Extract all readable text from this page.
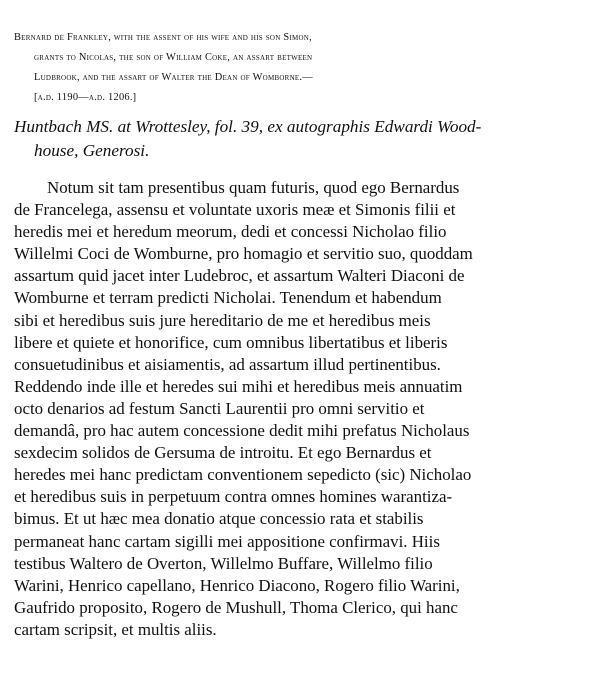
Bernard de Frankley, with the assent of his wife and his son Simon,
grants to Nicolas, the son of William Coke, an assart between
Ludbrook, and the assart of Walter the Dean of Womborne.—
[a.d. 1190—a.d. 1206.]
Huntbach MS. at Wrottesley, fol. 39, ex autographis Edwardi Wood-
house, Generosi.
Notum sit tam presentibus quam futuris, quod ego Bernardus
de Francelega, assensu et voluntate uxoris meæ et Simonis filii et
heredis mei et heredum meorum, dedi et concessi Nicholao filio
Willelmi Coci de Womburne, pro homagio et servitio suo, quoddam
assartum quid jacet inter Ludebroc, et assartum Walteri Diaconi de
Womburne et terram predicti Nicholai. Tenendum et habendum
sibi et heredibus suis jure hereditario de me et heredibus meis
libere et quiete et honorifice, cum omnibus libertatibus et liberis
consuetudinibus et aisiamentis, ad assartum illud pertinentibus.
Reddendo inde ille et heredes sui mihi et heredibus meis annuatim
octo denarios ad festum Sancti Laurentii pro omni servitio et
demandâ, pro hac autem concessione dedit mihi prefatus Nicholaus
sexdecim solidos de Gersuma de introitu. Et ego Bernardus et
heredes mei hanc predictam conventionem sepedicto (sic) Nicholao
et heredibus suis in perpetuum contra omnes homines warantiza-
bimus. Et ut hæc mea donatio atque concessio rata et stabilis
permaneat hanc cartam sigilli mei appositione confirmavi. Hiis
testibus Waltero de Overton, Willelmo Buffare, Willelmo filio
Warini, Henrico capellano, Henrico Diacono, Rogero filio Warini,
Gaufrido proposito, Rogero de Mushull, Thoma Clerico, qui hanc
cartam scripsit, et multis aliis.
